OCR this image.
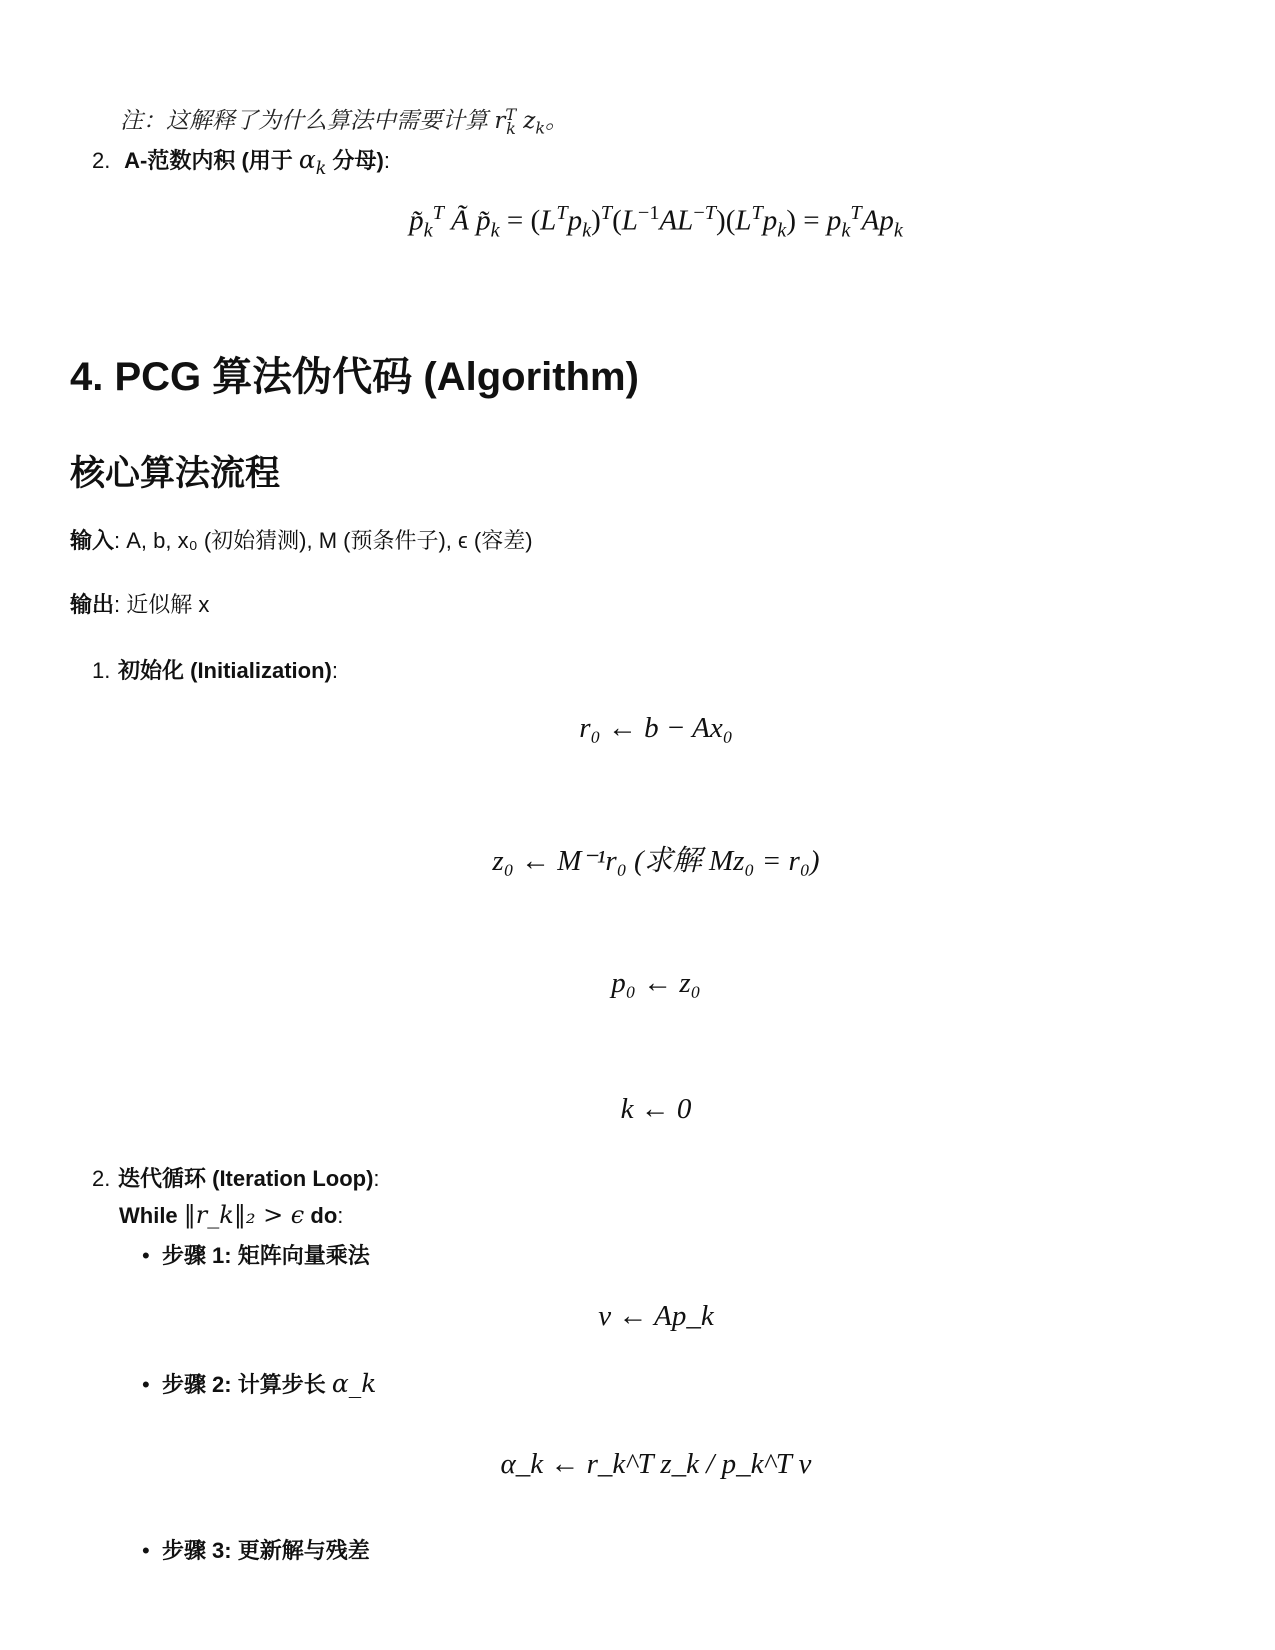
注：这解释了为什么算法中需要计算 $r_{Tk}$ $z_k$。
2. A-范数内积 (用于 $\alpha_k$ 分母):
$p̃_k^T$ Ã $p̃_k = (L^Tp_k)^T(L^{-1}AL^{-T})(L^Tp_k) = p_k^TAp_k$
4. PCG 算法伪代码 (Algorithm)
核心算法流程
输入: A, b, x₀ (初始猜测), M (预条件子), ϵ (容差)
输出: 近似解 x
1. 初始化 (Initialization):
r₀ ← b − Ax₀
z₀ ← M⁻¹r₀ (求解 Mz₀ = r₀)
p₀ ← z₀
k ← 0
2. 迭代循环 (Iteration Loop):
While ‖r_k‖₂ > ϵ do:
• 步骤 1: 矩阵向量乘法
v ← Ap_k
• 步骤 2: 计算步长 α_k
α_k ← r_k^T z_k / p_k^T v
• 步骤 3: 更新解与残差
